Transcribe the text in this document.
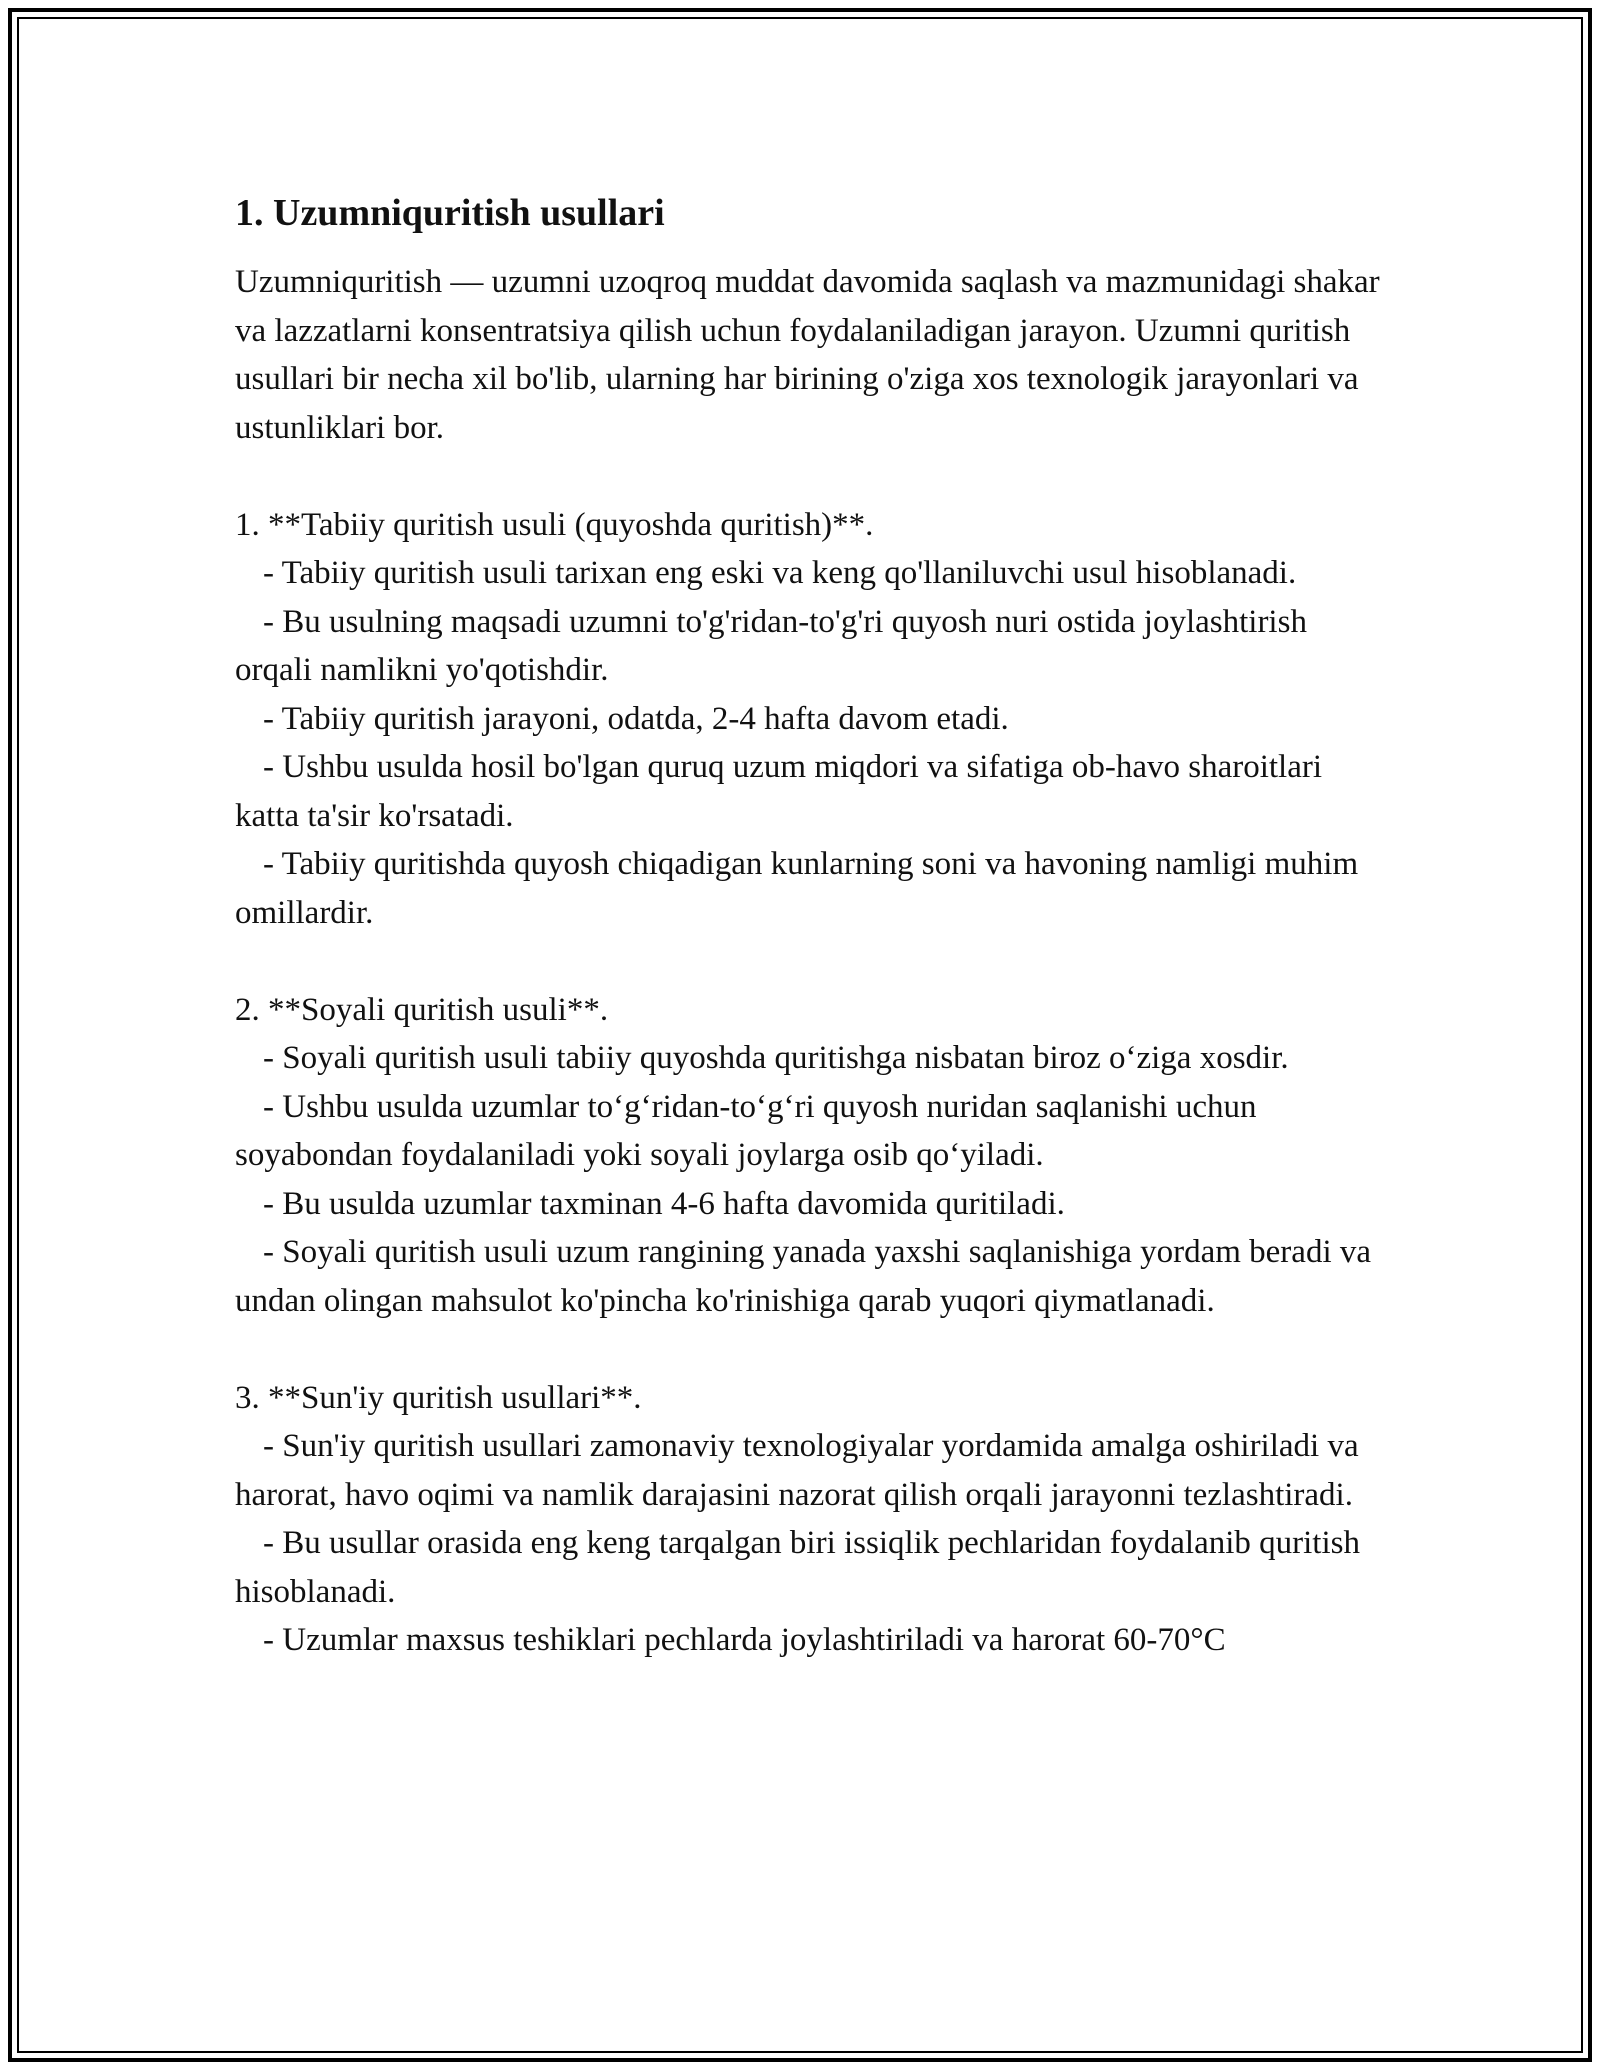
1. Uzumniquritish usullari

Uzumniquritish — uzumni uzoqroq muddat davomida saqlash va mazmunidagi shakar va lazzatlarni konsentratsiya qilish uchun foydalaniladigan jarayon. Uzumni quritish usullari bir necha xil bo'lib, ularning har birining o'ziga xos texnologik jarayonlari va ustunliklari bor.

1. **Tabiiy quritish usuli (quyoshda quritish)**.

- Tabiiy quritish usuli tarixan eng eski va keng qo'llaniluvchi usul hisoblanadi.

- Bu usulning maqsadi uzumni to'g'ridan-to'g'ri quyosh nuri ostida joylashtirish orqali namlikni yo'qotishdir.

- Tabiiy quritish jarayoni, odatda, 2-4 hafta davom etadi.

- Ushbu usulda hosil bo'lgan quruq uzum miqdori va sifatiga ob-havo sharoitlari katta ta'sir ko'rsatadi.

- Tabiiy quritishda quyosh chiqadigan kunlarning soni va havoning namligi muhim omillardir.

2. **Soyali quritish usuli**.

- Soyali quritish usuli tabiiy quyoshda quritishga nisbatan biroz o‘ziga xosdir.

- Ushbu usulda uzumlar to‘g‘ridan-to‘g‘ri quyosh nuridan saqlanishi uchun soyabondan foydalaniladi yoki soyali joylarga osib qo‘yiladi.

- Bu usulda uzumlar taxminan 4-6 hafta davomida quritiladi.

- Soyali quritish usuli uzum rangining yanada yaxshi saqlanishiga yordam beradi va undan olingan mahsulot ko'pincha ko'rinishiga qarab yuqori qiymatlanadi.

3. **Sun'iy quritish usullari**.

- Sun'iy quritish usullari zamonaviy texnologiyalar yordamida amalga oshiriladi va harorat, havo oqimi va namlik darajasini nazorat qilish orqali jarayonni tezlashtiradi.

- Bu usullar orasida eng keng tarqalgan biri issiqlik pechlaridan foydalanib quritish hisoblanadi.

- Uzumlar maxsus teshiklari pechlarda joylashtiriladi va harorat 60-70°C
